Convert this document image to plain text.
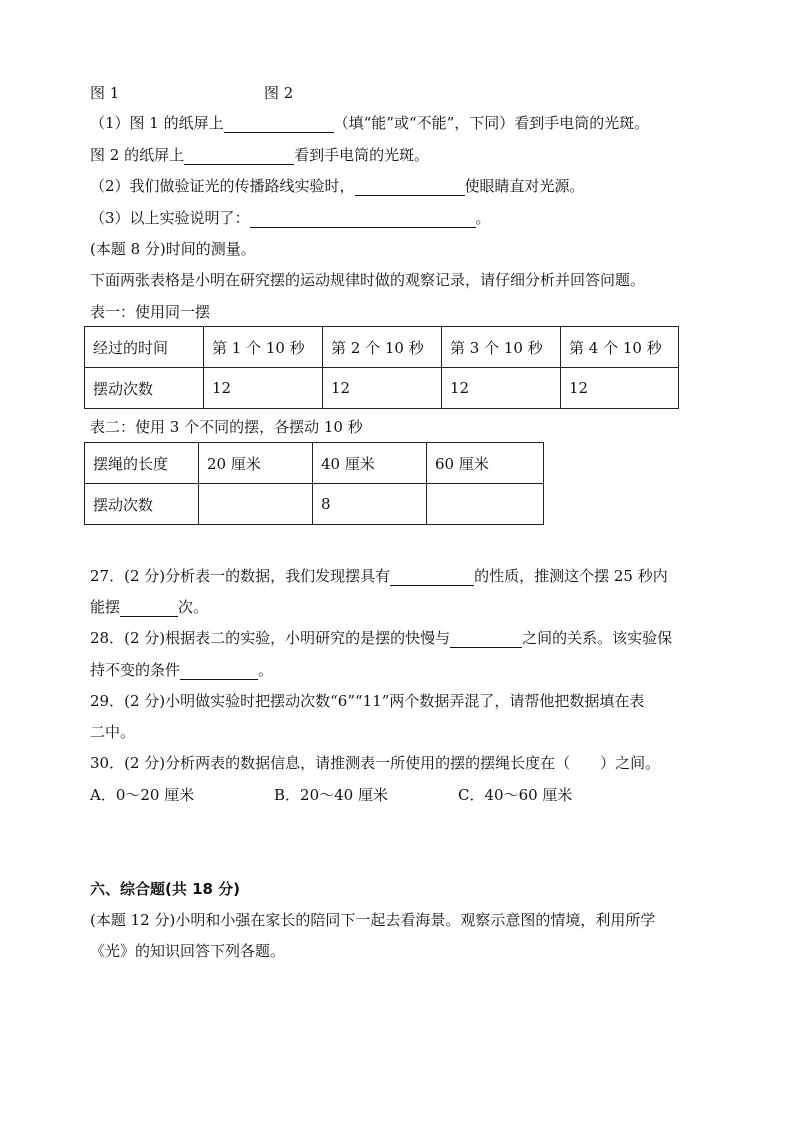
图 1	图 2
（1）图 1 的纸屏上	（填“能”或“不能”，下同）看到手电筒的光斑。
图 2 的纸屏上	看到手电筒的光斑。
（2）我们做验证光的传播路线实验时，	使眼睛直对光源。
（3）以上实验说明了：	。
(本题 8 分)时间的测量。
下面两张表格是小明在研究摆的运动规律时做的观察记录，请仔细分析并回答问题。
表一：使用同一摆
经过的时间	第 1 个 10 秒	第 2 个 10 秒	第 3 个 10 秒	第 4 个 10 秒
摆动次数	12	12	12	12
表二：使用 3 个不同的摆，各摆动 10 秒
摆绳的长度	20 厘米	40 厘米	60 厘米
摆动次数		8	
27．(2 分)分析表一的数据，我们发现摆具有	的性质，推测这个摆 25 秒内
能摆	次。
28．(2 分)根据表二的实验，小明研究的是摆的快慢与	之间的关系。该实验保
持不变的条件	。
29．(2 分)小明做实验时把摆动次数“6”“11”两个数据弄混了，请帮他把数据填在表
二中。
30．(2 分)分析两表的数据信息，请推测表一所使用的摆的摆绳长度在（　　）之间。
A．0～20 厘米	B．20～40 厘米	C．40～60 厘米
六、综合题(共 18 分)
(本题 12 分)小明和小强在家长的陪同下一起去看海景。观察示意图的情境，利用所学
《光》的知识回答下列各题。
